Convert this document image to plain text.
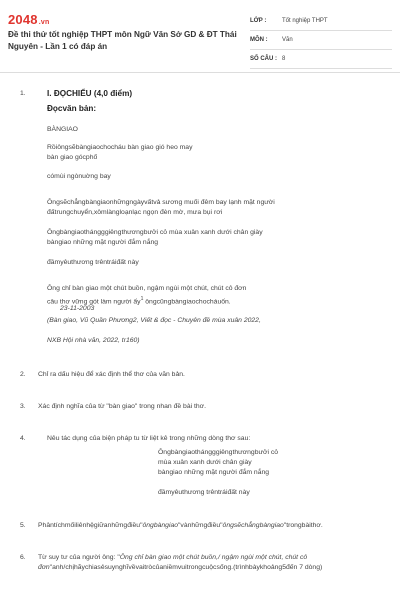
2048.vn
Đề thi thử tốt nghiệp THPT môn Ngữ Văn Sở GD & ĐT Thái Nguyên - Lần 1 có đáp án
LỚP :	Tốt nghiệp THPT
MÔN :	Văn
SỐ CÂU : 8
1.	I. ĐỌCHIỂU (4,0 điểm)
Đọcvăn bản:
BÀNGIAO
Rồiôngsẽbàngiaochocháu bàn giao gió heo may
bàn giao gócphố
cómùi ngònuờng bay
Ôngsẽchẳngbàngiaonhữngngàyvấtvả sương muối đêm bay lạnh mặt người
đấtrungchuyển,xômlàngloạnlạc ngọn đèn mờ, mưa bụi rơi
Ôngbàngiaothángggiêngthươngbưởi cỏ mùa xuân xanh dưới chân giày
bàngiao những mặt người đắm nắng
đầmyêuthương trêntráiđất này
Ông chỉ bàn giao một chút buồn, ngậm ngùi một chút, chút cô đơn
câu thơ vững gót làm người ấy$^1$ ôngcũngbàngiaochocháuốn.
23-11-2003
(Bàn giao, Vũ Quần Phương2, Viết & đọc - Chuyên đề mùa xuân 2022,
NXB Hội nhà văn, 2022, tr160)
2. Chỉ ra dấu hiệu để xác định thể thơ của văn bản.
3. Xác định nghĩa của từ "bàn giao" trong nhan đề bài thơ.
4.	Nêu tác dụng của biện pháp tu từ liệt kê trong những dòng thơ sau:
Ôngbàngiaothángggiêngthươngbưởi cỏ
mùa xuân xanh dưới chân giày
bàngiao những mặt người đắm nắng
đầmyêuthương trêntráiđất này
5. Phântíchmốiliênhệgiữanhữngđiều"ôngbàngiao"vànhữngđiều"ôngsẽchẳngbàngiao"trongbàithơ.
6. Từ suy tư của người ông: "Ông chỉ bàn giao một chút buồn,/ ngậm ngùi một chút, chút cô đơn"anh/chịhãychiasẻsuynghĩvềvaitròcủaniềmvuitrongcuộcsống.(trìnhbàykhoảng5đến 7 dòng)
